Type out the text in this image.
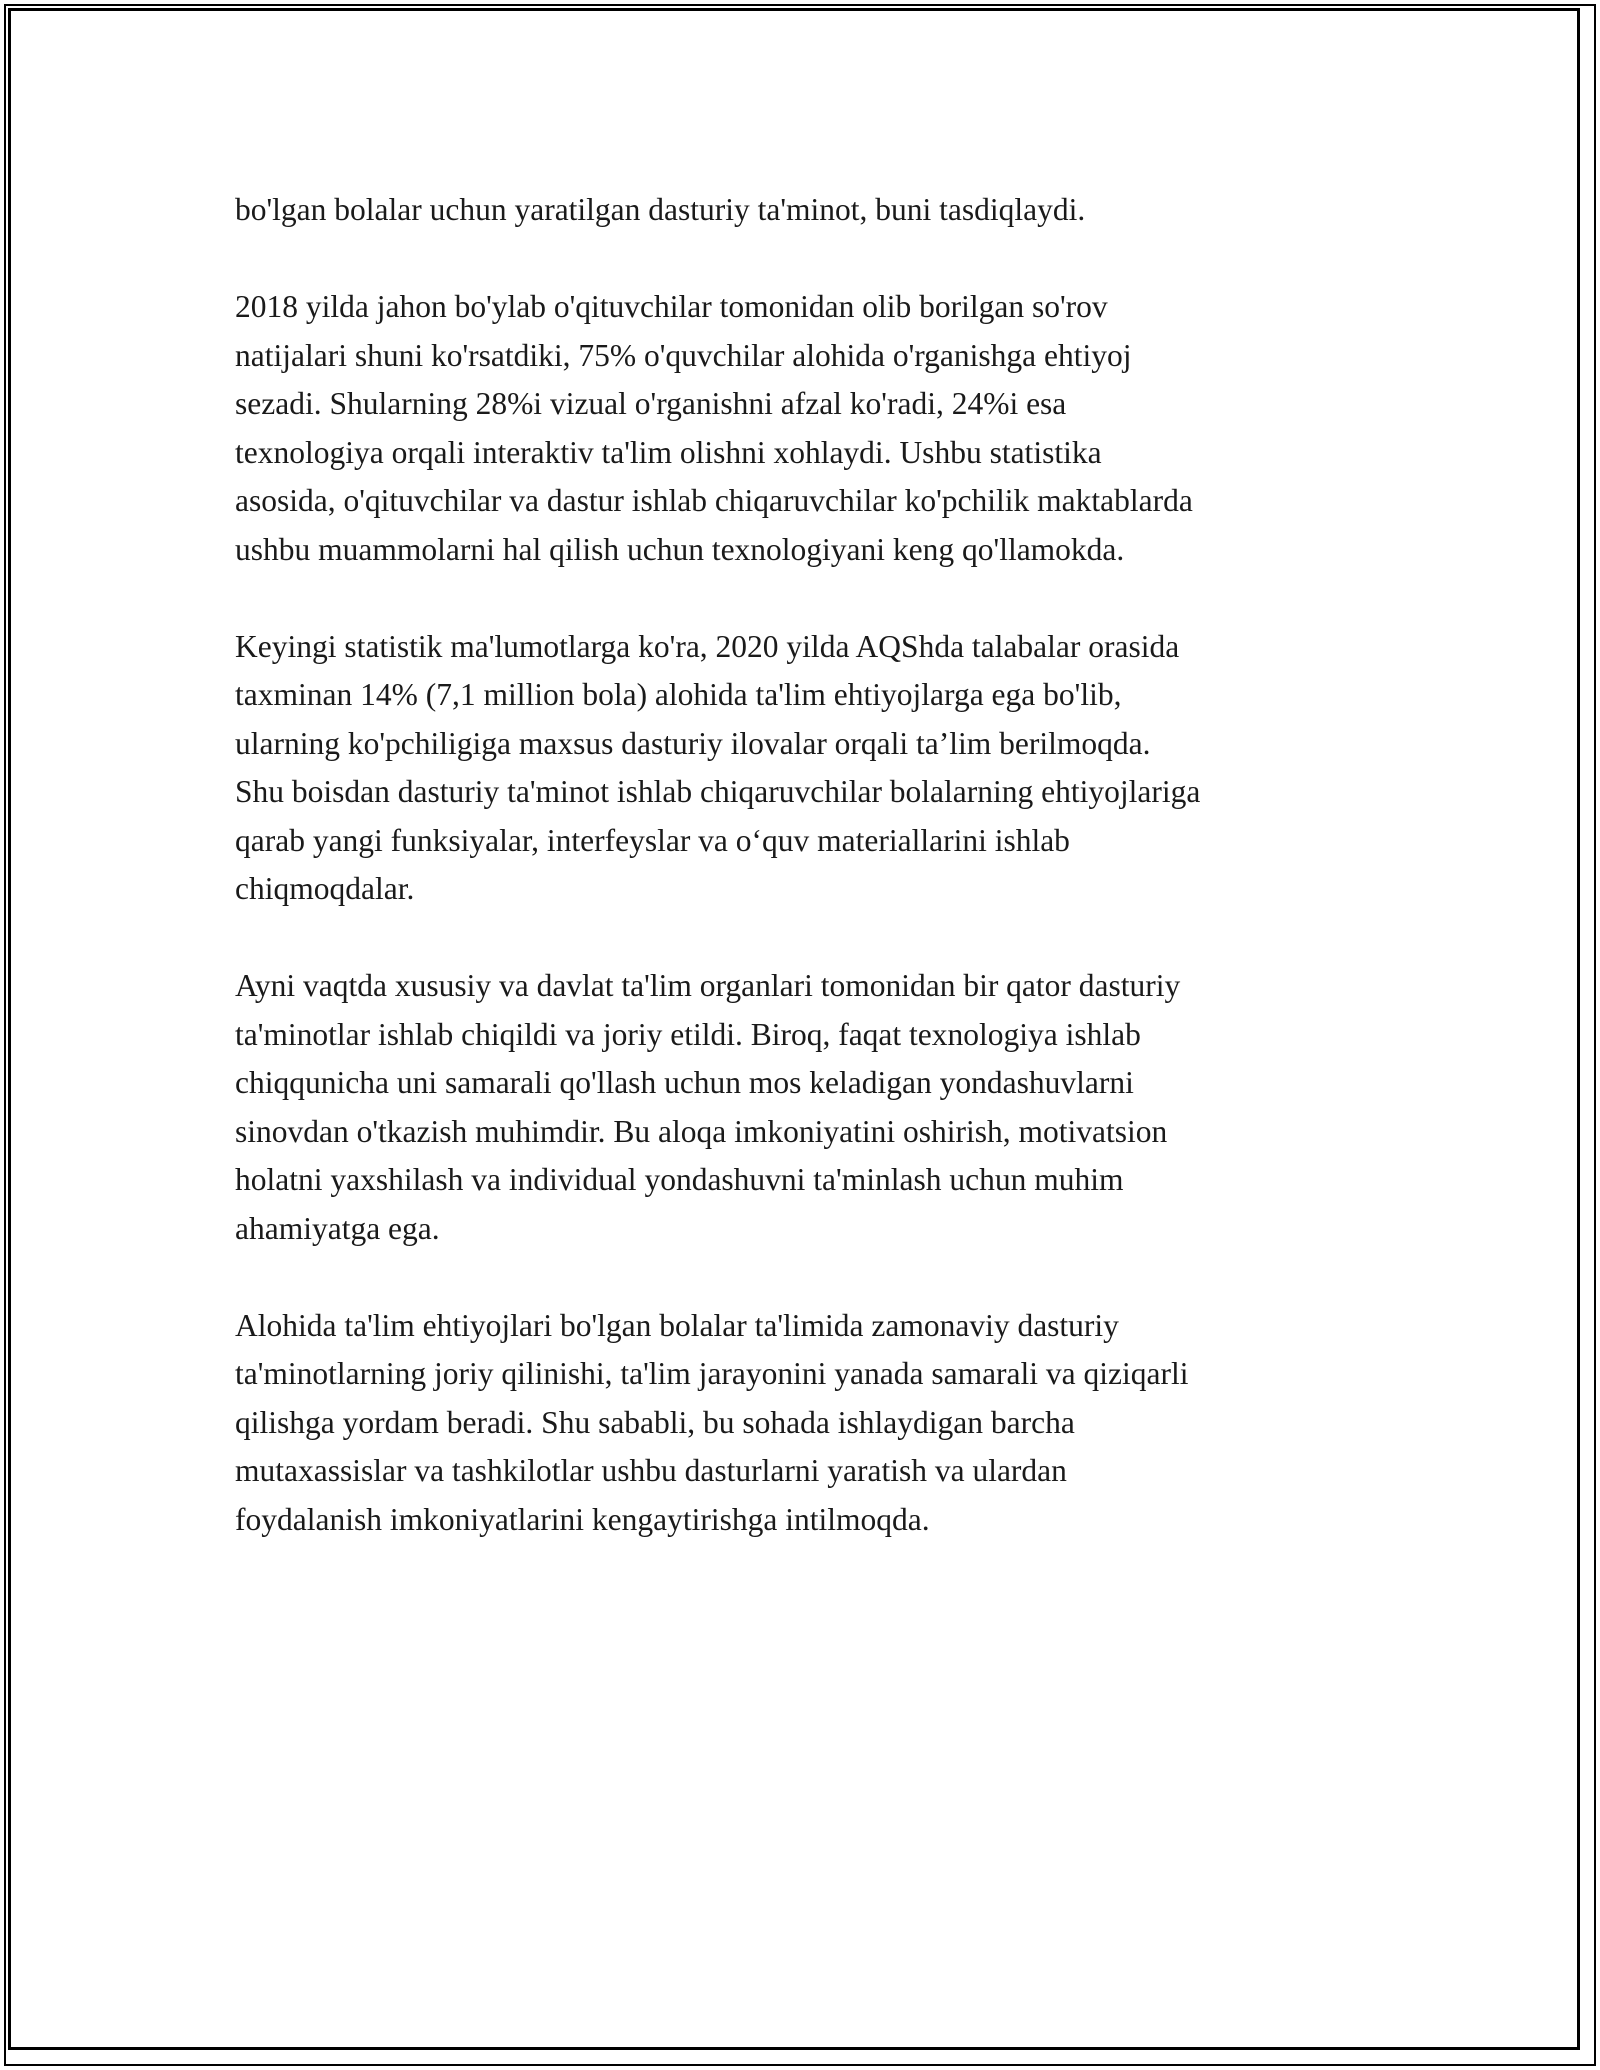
bo'lgan bolalar uchun yaratilgan dasturiy ta'minot, buni tasdiqlaydi.

2018 yilda jahon bo'ylab o'qituvchilar tomonidan olib borilgan so'rov
natijalari shuni ko'rsatdiki, 75% o'quvchilar alohida o'rganishga ehtiyoj
sezadi. Shularning 28%i vizual o'rganishni afzal ko'radi, 24%i esa
texnologiya orqali interaktiv ta'lim olishni xohlaydi. Ushbu statistika
asosida, o'qituvchilar va dastur ishlab chiqaruvchilar ko'pchilik maktablarda
ushbu muammolarni hal qilish uchun texnologiyani keng qo'llamokda.

Keyingi statistik ma'lumotlarga ko'ra, 2020 yilda AQShda talabalar orasida
taxminan 14% (7,1 million bola) alohida ta'lim ehtiyojlarga ega bo'lib,
ularning ko'pchiligiga maxsus dasturiy ilovalar orqali ta’lim berilmoqda.
Shu boisdan dasturiy ta'minot ishlab chiqaruvchilar bolalarning ehtiyojlariga
qarab yangi funksiyalar, interfeyslar va o‘quv materiallarini ishlab
chiqmoqdalar.

Ayni vaqtda xususiy va davlat ta'lim organlari tomonidan bir qator dasturiy
ta'minotlar ishlab chiqildi va joriy etildi. Biroq, faqat texnologiya ishlab
chiqqunicha uni samarali qo'llash uchun mos keladigan yondashuvlarni
sinovdan o'tkazish muhimdir. Bu aloqa imkoniyatini oshirish, motivatsion
holatni yaxshilash va individual yondashuvni ta'minlash uchun muhim
ahamiyatga ega.

Alohida ta'lim ehtiyojlari bo'lgan bolalar ta'limida zamonaviy dasturiy
ta'minotlarning joriy qilinishi, ta'lim jarayonini yanada samarali va qiziqarli
qilishga yordam beradi. Shu sababli, bu sohada ishlaydigan barcha
mutaxassislar va tashkilotlar ushbu dasturlarni yaratish va ulardan
foydalanish imkoniyatlarini kengaytirishga intilmoqda.
